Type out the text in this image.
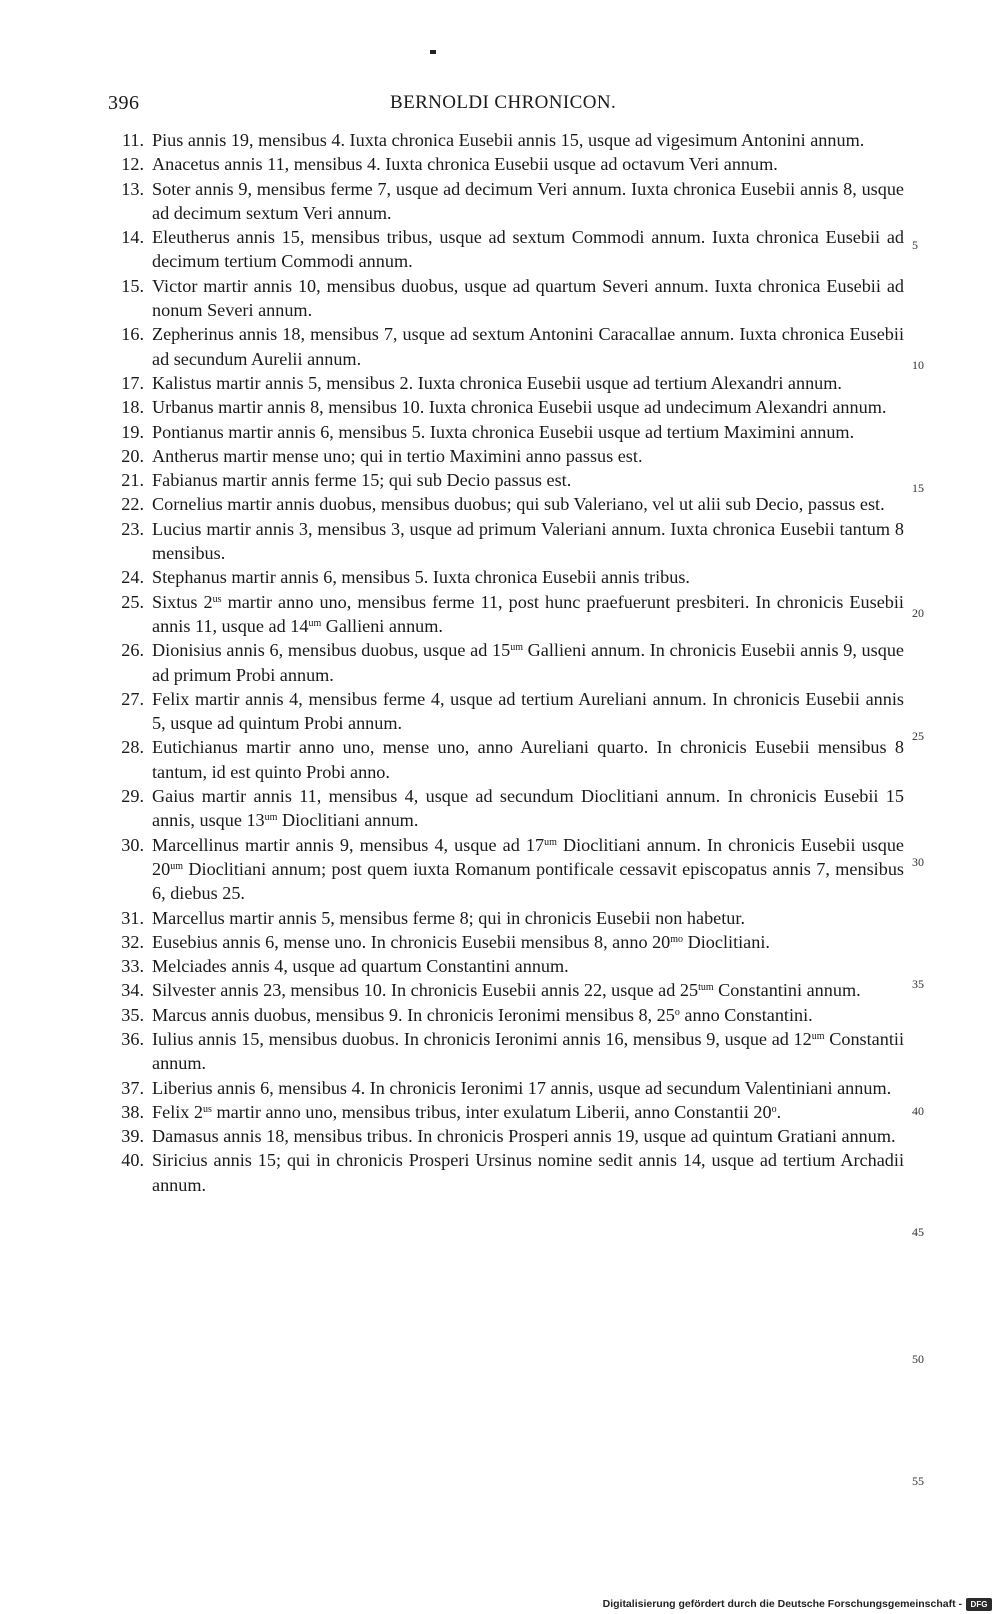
396	BERNOLDI CHRONICON.
11. Pius annis 19, mensibus 4. Iuxta chronica Eusebii annis 15, usque ad vigesimum Antonini annum.
12. Anacetus annis 11, mensibus 4. Iuxta chronica Eusebii usque ad octavum Veri annum.
13. Soter annis 9, mensibus ferme 7, usque ad decimum Veri annum. Iuxta chronica Eusebii annis 8, usque ad decimum sextum Veri annum.
14. Eleutherus annis 15, mensibus tribus, usque ad sextum Commodi annum. Iuxta chronica Eusebii ad decimum tertium Commodi annum.
15. Victor martir annis 10, mensibus duobus, usque ad quartum Severi annum. Iuxta chronica Eusebii ad nonum Severi annum.
16. Zepherinus annis 18, mensibus 7, usque ad sextum Antonini Caracallae annum. Iuxta chronica Eusebii ad secundum Aurelii annum.
17. Kalistus martir annis 5, mensibus 2. Iuxta chronica Eusebii usque ad tertium Alexandri annum.
18. Urbanus martir annis 8, mensibus 10. Iuxta chronica Eusebii usque ad undecimum Alexandri annum.
19. Pontianus martir annis 6, mensibus 5. Iuxta chronica Eusebii usque ad tertium Maximini annum.
20. Antherus martir mense uno; qui in tertio Maximini anno passus est.
21. Fabianus martir annis ferme 15; qui sub Decio passus est.
22. Cornelius martir annis duobus, mensibus duobus; qui sub Valeriano, vel ut alii sub Decio, passus est.
23. Lucius martir annis 3, mensibus 3, usque ad primum Valeriani annum. Iuxta chronica Eusebii tantum 8 mensibus.
24. Stephanus martir annis 6, mensibus 5. Iuxta chronica Eusebii annis tribus.
25. Sixtus $2^{us}$ martir anno uno, mensibus ferme 11, post hunc praefuerunt presbiteri. In chronicis Eusebii annis 11, usque ad $14^{um}$ Gallieni annum.
26. Dionisius annis 6, mensibus duobus, usque ad $15^{um}$ Gallieni annum. In chronicis Eusebii annis 9, usque ad primum Probi annum.
27. Felix martir annis 4, mensibus ferme 4, usque ad tertium Aureliani annum. In chronicis Eusebii annis 5, usque ad quintum Probi annum.
28. Eutichianus martir anno uno, mense uno, anno Aureliani quarto. In chronicis Eusebii mensibus 8 tantum, id est quinto Probi anno.
29. Gaius martir annis 11, mensibus 4, usque ad secundum Dioclitiani annum. In chronicis Eusebii 15 annis, usque $13^{um}$ Dioclitiani annum.
30. Marcellinus martir annis 9, mensibus 4, usque ad $17^{um}$ Dioclitiani annum. In chronicis Eusebii usque $20^{um}$ Dioclitiani annum; post quem iuxta Romanum pontificale cessavit episcopatus annis 7, mensibus 6, diebus 25.
31. Marcellus martir annis 5, mensibus ferme 8; qui in chronicis Eusebii non habetur.
32. Eusebius annis 6, mense uno. In chronicis Eusebii mensibus 8, anno $20^{mo}$ Dioclitiani.
33. Melciades annis 4, usque ad quartum Constantini annum.
34. Silvester annis 23, mensibus 10. In chronicis Eusebii annis 22, usque ad $25^{tum}$ Constantini annum.
35. Marcus annis duobus, mensibus 9. In chronicis Ieronimi mensibus 8, 25$^o$ anno Constantini.
36. Iulius annis 15, mensibus duobus. In chronicis Ieronimi annis 16, mensibus 9, usque ad $12^{um}$ Constantii annum.
37. Liberius annis 6, mensibus 4. In chronicis Ieronimi 17 annis, usque ad secundum Valentiniani annum.
38. Felix $2^{us}$ martir anno uno, mensibus tribus, inter exulatum Liberii, anno Constantii 20$^o$.
39. Damasus annis 18, mensibus tribus. In chronicis Prosperi annis 19, usque ad quintum Gratiani annum.
40. Siricius annis 15; qui in chronicis Prosperi Ursinus nomine sedit annis 14, usque ad tertium Archadii annum.
5
10
15
20
25
30
35
40
45
50
55
Digitalisierung gefördert durch die Deutsche Forschungsgemeinschaft -	DFG
